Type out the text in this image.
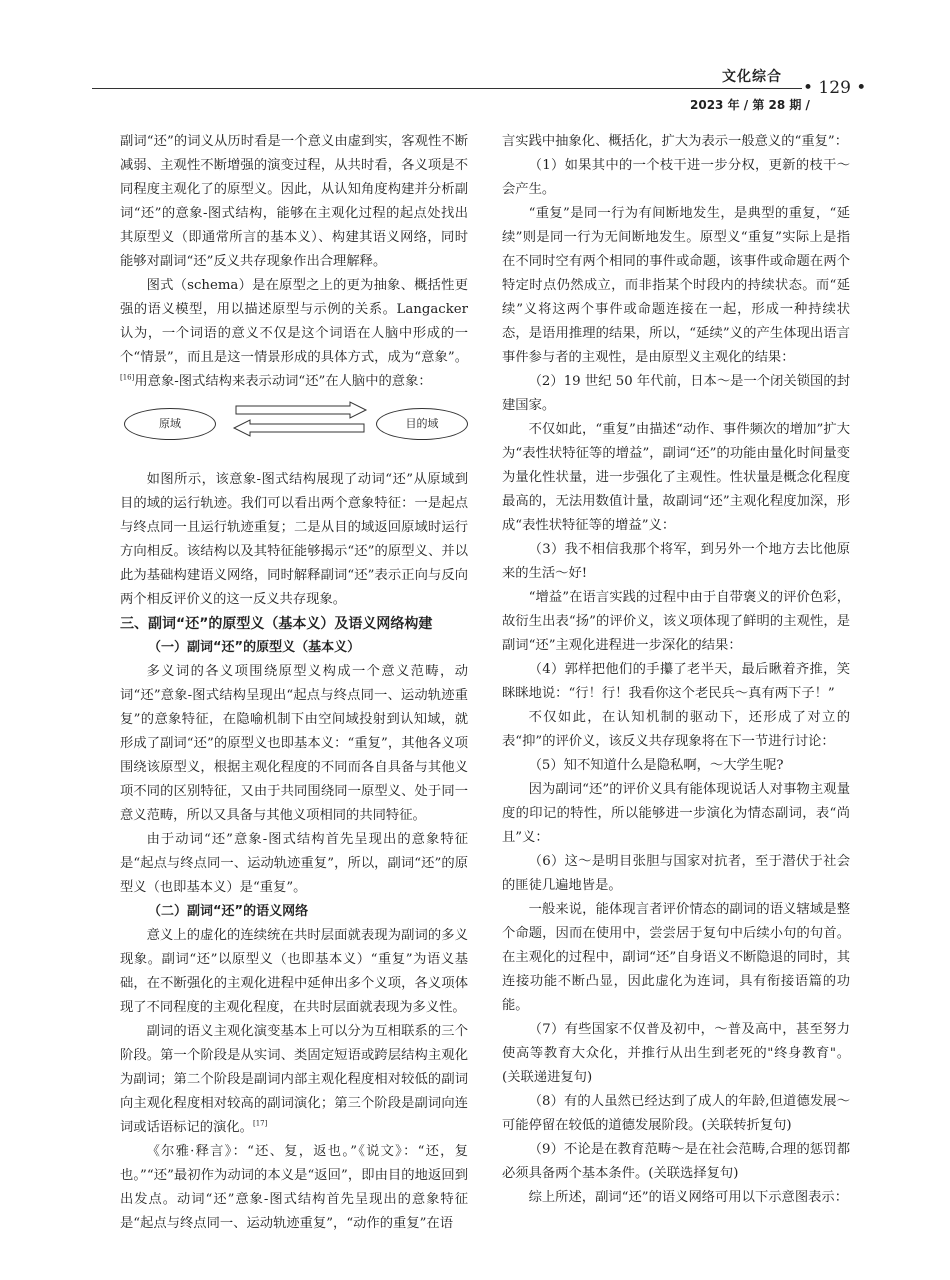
文化综合
• 129 •
2023 年 / 第 28 期 /

副词“还”的词义从历时看是一个意义由虚到实，客观性不断减弱、主观性不断增强的演变过程，从共时看，各义项是不同程度主观化了的原型义。因此，从认知角度构建并分析副词“还”的意象-图式结构，能够在主观化过程的起点处找出其原型义（即通常所言的基本义）、构建其语义网络，同时能够对副词“还”反义共存现象作出合理解释。

图式（schema）是在原型之上的更为抽象、概括性更强的语义模型，用以描述原型与示例的关系。Langacker认为，一个词语的意义不仅是这个词语在人脑中形成的一个“情景”，而且是这一情景形成的具体方式，成为“意象”。[16]用意象-图式结构来表示动词“还”在人脑中的意象：

原域	目的域

如图所示，该意象-图式结构展现了动词“还”从原域到目的域的运行轨迹。我们可以看出两个意象特征：一是起点与终点同一且运行轨迹重复；二是从目的域返回原域时运行方向相反。该结构以及其特征能够揭示“还”的原型义、并以此为基础构建语义网络，同时解释副词“还”表示正向与反向两个相反评价义的这一反义共存现象。

三、副词“还”的原型义（基本义）及语义网络构建

（一）副词“还”的原型义（基本义）

多义词的各义项围绕原型义构成一个意义范畴，动词“还”意象-图式结构呈现出“起点与终点同一、运动轨迹重复”的意象特征，在隐喻机制下由空间域投射到认知域，就形成了副词“还”的原型义也即基本义：“重复”，其他各义项围绕该原型义，根据主观化程度的不同而各自具备与其他义项不同的区别特征，又由于共同围绕同一原型义、处于同一意义范畴，所以又具备与其他义项相同的共同特征。

由于动词“还”意象-图式结构首先呈现出的意象特征是“起点与终点同一、运动轨迹重复”，所以，副词“还”的原型义（也即基本义）是“重复”。

（二）副词“还”的语义网络

意义上的虚化的连续统在共时层面就表现为副词的多义现象。副词“还”以原型义（也即基本义）“重复”为语义基础，在不断强化的主观化进程中延伸出多个义项，各义项体现了不同程度的主观化程度，在共时层面就表现为多义性。

副词的语义主观化演变基本上可以分为互相联系的三个阶段。第一个阶段是从实词、类固定短语或跨层结构主观化为副词；第二个阶段是副词内部主观化程度相对较低的副词向主观化程度相对较高的副词演化；第三个阶段是副词向连词或话语标记的演化。[17]

《尔雅·释言》：“还、复，返也。”《说文》：“还，复也。”“还”最初作为动词的本义是“返回”，即由目的地返回到出发点。动词“还”意象-图式结构首先呈现出的意象特征是“起点与终点同一、运动轨迹重复”，“动作的重复”在语

言实践中抽象化、概括化，扩大为表示一般意义的“重复”：

（1）如果其中的一个枝干进一步分权，更新的枝干～会产生。

“重复”是同一行为有间断地发生，是典型的重复，“延续”则是同一行为无间断地发生。原型义“重复”实际上是指在不同时空有两个相同的事件或命题，该事件或命题在两个特定时点仍然成立，而非指某个时段内的持续状态。而“延续”义将这两个事件或命题连接在一起，形成一种持续状态，是语用推理的结果，所以，“延续”义的产生体现出语言事件参与者的主观性，是由原型义主观化的结果：

（2）19 世纪 50 年代前，日本～是一个闭关锁国的封建国家。

不仅如此，“重复”由描述“动作、事件频次的增加”扩大为“表性状特征等的增益”，副词“还”的功能由量化时间量变为量化性状量，进一步强化了主观性。性状量是概念化程度最高的，无法用数值计量，故副词“还”主观化程度加深，形成“表性状特征等的增益”义：

（3）我不相信我那个将军，到另外一个地方去比他原来的生活～好!

“增益”在语言实践的过程中由于自带褒义的评价色彩，故衍生出表“扬”的评价义，该义项体现了鲜明的主观性，是副词“还”主观化进程进一步深化的结果：

（4）郭样把他们的手攥了老半天，最后瞅着齐推，笑眯眯地说：“行！行！我看你这个老民兵～真有两下子！”

不仅如此，在认知机制的驱动下，还形成了对立的表“抑”的评价义，该反义共存现象将在下一节进行讨论：

（5）知不知道什么是隐私啊，～大学生呢?

因为副词“还”的评价义具有能体现说话人对事物主观量度的印记的特性，所以能够进一步演化为情态副词，表“尚且”义：

（6）这～是明目张胆与国家对抗者，至于潜伏于社会的匪徒几遍地皆是。

一般来说，能体现言者评价情态的副词的语义辖域是整个命题，因而在使用中，尝尝居于复句中后续小句的句首。在主观化的过程中，副词“还”自身语义不断隐退的同时，其连接功能不断凸显，因此虚化为连词，具有衔接语篇的功能。

（7）有些国家不仅普及初中，～普及高中，甚至努力使高等教育大众化，并推行从出生到老死的"终身教育"。(关联递进复句)

（8）有的人虽然已经达到了成人的年龄,但道德发展～可能停留在较低的道德发展阶段。(关联转折复句)

（9）不论是在教育范畴～是在社会范畴,合理的惩罚都必须具备两个基本条件。(关联选择复句)

综上所述，副词“还”的语义网络可用以下示意图表示：
